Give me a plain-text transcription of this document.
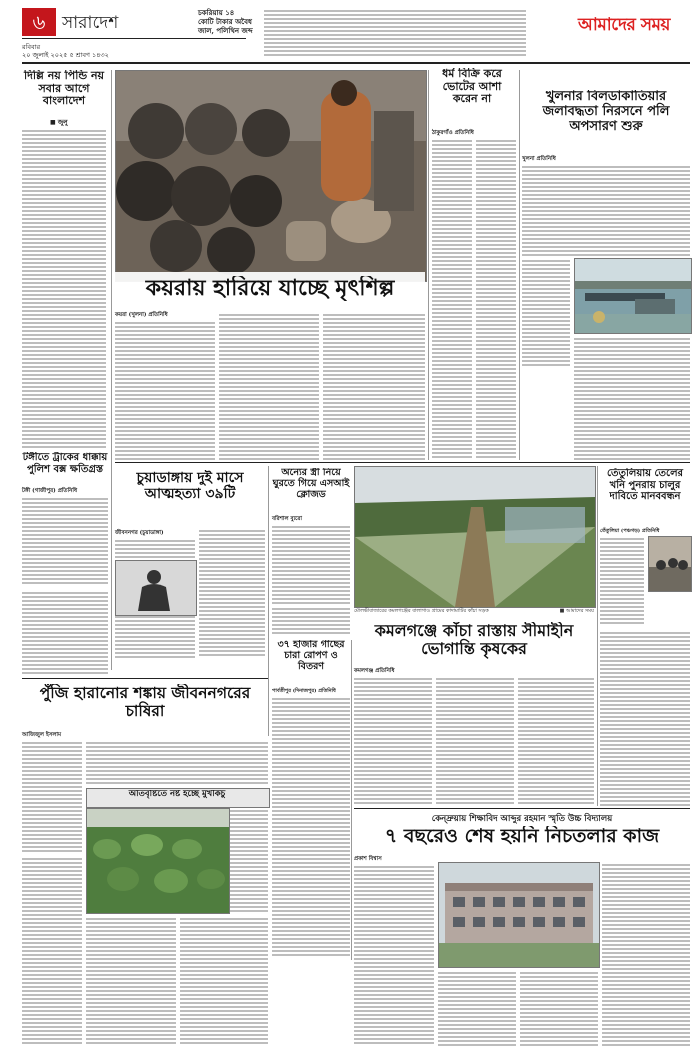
৬ সারাদেশ
রবিবার
২০ জুলাই ২০২৫ ৫ শ্রাবণ ১৪৩২
চকরিয়ায় ১৪
কোটি টাকার অবৈধ
জাল, পলিথিন জব্দ	আমাদের সময়
দিল্লি নয় পিন্ডি নয় সবার আগে বাংলাদেশ
■ জুলু
টঙ্গীতে ট্রাকের ধাক্কায় পুলিশ বক্স ক্ষতিগ্রস্ত
টঙ্গী (গাজীপুর) প্রতিনিধি
কয়রায় হারিয়ে যাচ্ছে মৃৎশিল্প
কয়রা (খুলনা) প্রতিনিধি
ধর্ম বিক্রি করে ভোটের আশা করেন না
ঠাকুরগাঁও প্রতিনিধি
খুলনার বিলডাকাতিয়ার জলাবদ্ধতা নিরসনে পলি অপসারণ শুরু
খুলনা প্রতিনিধি
চুয়াডাঙ্গায় দুই মাসে আত্মহত্যা ৩৯টি
জীবননগর (চুয়াডাঙ্গা)
অন্যের স্ত্রী নিয়ে ঘুরতে গিয়ে এসআই ক্লোজড
বরিশাল ব্যুরো
মৌলভীবাজারের কমলগঞ্জের বালাগাও গ্রামের কাদামাটির কাঁচা সড়ক	■ আমাদের সময়
তেঁতুলিয়ায় তেলের খনি পুনরায় চালুর দাবিতে মানববন্ধন
তেঁতুলিয়া (পঞ্চগড়) প্রতিনিধি
কমলগঞ্জে কাঁচা রাস্তায় সীমাহীন ভোগান্তি কৃষকের
কমলগঞ্জ প্রতিনিধি
৩৭ হাজার গাছের চারা রোপণ ও বিতরণ
পার্বতীপুর (দিনাজপুর) প্রতিনিধি
পুঁজি হারানোর শঙ্কায় জীবননগরের চাষিরা
আজিজুল ইসলাম
অতিবৃষ্টিতে নষ্ট হচ্ছে মুখীকচু
কেন্দ্রুয়ায় শিক্ষাবিদ আব্দুর রহমান স্মৃতি উচ্চ বিদ্যালয়
৭ বছরেও শেষ হয়নি নিচতলার কাজ
প্রকাশ বিশ্বাস
